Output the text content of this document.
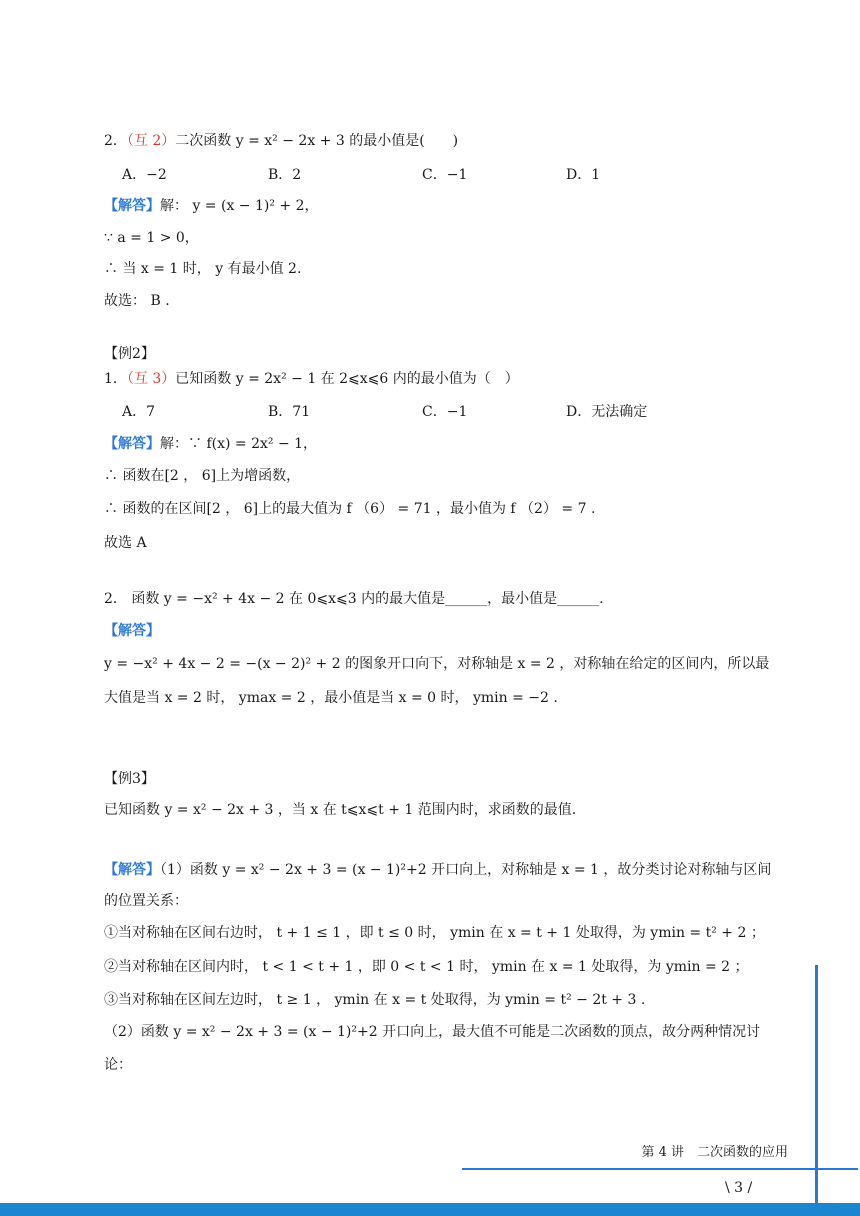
2．（互 2）二次函数 y = x² − 2x + 3 的最小值是(　　)
A．−2	B．2	C．−1	D．1
【解答】解： y = (x − 1)² + 2，
∵ a = 1 > 0，
∴ 当 x = 1 时， y 有最小值 2.
故选： B .
【例2】
1．（互 3）已知函数 y = 2x² − 1 在 2⩽x⩽6 内的最小值为（　）
A．7	B．71	C．−1	D．无法确定
【解答】解：∵ f(x) = 2x² − 1，
∴ 函数在[2 ， 6]上为增函数，
∴ 函数的在区间[2 ， 6]上的最大值为 f （6） = 71 ，最小值为 f （2） = 7 .
故选 A
2． 函数 y = −x² + 4x − 2 在 0⩽x⩽3 内的最大值是______，最小值是______.
【解答】
y = −x² + 4x − 2 = −(x − 2)² + 2 的图象开口向下，对称轴是 x = 2 ，对称轴在给定的区间内，所以最
大值是当 x = 2 时， ymax = 2 ，最小值是当 x = 0 时， ymin = −2 .
【例3】
已知函数 y = x² − 2x + 3 ，当 x 在 t⩽x⩽t + 1 范围内时，求函数的最值.
【解答】（1）函数 y = x² − 2x + 3 = (x − 1)²+2 开口向上，对称轴是 x = 1 ，故分类讨论对称轴与区间
的位置关系：
①当对称轴在区间右边时， t + 1 ≤ 1 ，即 t ≤ 0 时， ymin 在 x = t + 1 处取得，为 ymin = t² + 2 ；
②当对称轴在区间内时， t < 1 < t + 1 ，即 0 < t < 1 时， ymin 在 x = 1 处取得，为 ymin = 2 ；
③当对称轴在区间左边时， t ≥ 1 ， ymin 在 x = t 处取得，为 ymin = t² − 2t + 3 .
（2）函数 y = x² − 2x + 3 = (x − 1)²+2 开口向上，最大值不可能是二次函数的顶点，故分两种情况讨
论：
第 4 讲　二次函数的应用
\ 3 /
